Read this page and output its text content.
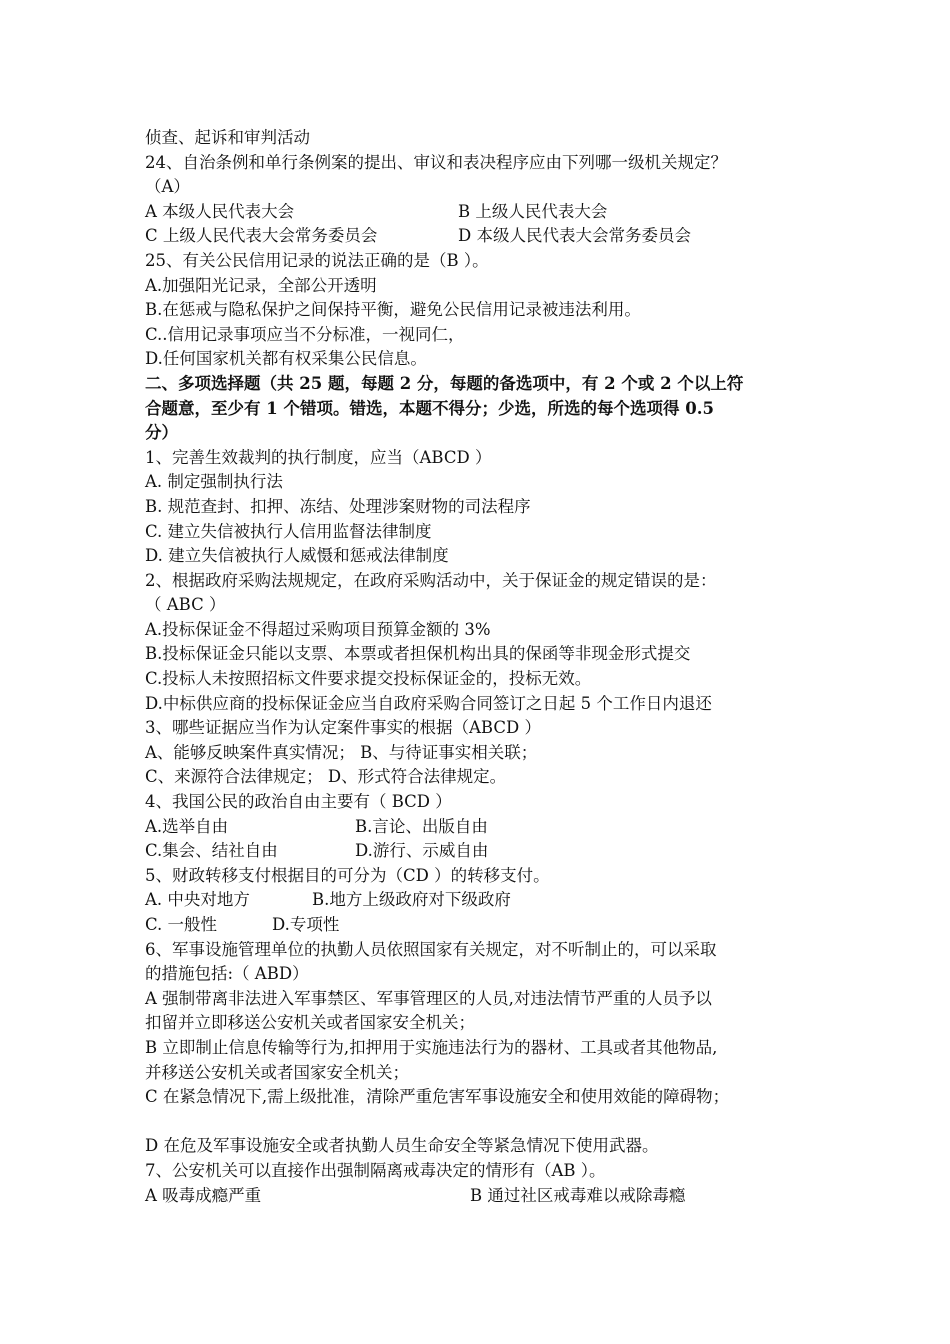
侦查、起诉和审判活动
24、自治条例和单行条例案的提出、审议和表决程序应由下列哪一级机关规定？
（A）
A 本级人民代表大会	B 上级人民代表大会
C 上级人民代表大会常务委员会	D 本级人民代表大会常务委员会
25、有关公民信用记录的说法正确的是（B ）。
A.加强阳光记录，全部公开透明
B.在惩戒与隐私保护之间保持平衡，避免公民信用记录被违法利用。
C..信用记录事项应当不分标准，一视同仁，
D.任何国家机关都有权采集公民信息。
二、多项选择题（共 25 题，每题 2 分，每题的备选项中，有 2 个或 2 个以上符
合题意，至少有 1 个错项。错选，本题不得分；少选，所选的每个选项得 0.5
分）
1、完善生效裁判的执行制度，应当（ABCD ）
A. 制定强制执行法
B. 规范查封、扣押、冻结、处理涉案财物的司法程序
C. 建立失信被执行人信用监督法律制度
D. 建立失信被执行人威慑和惩戒法律制度
2、根据政府采购法规规定，在政府采购活动中，关于保证金的规定错误的是：
（ ABC ）
A.投标保证金不得超过采购项目预算金额的 3%
B.投标保证金只能以支票、本票或者担保机构出具的保函等非现金形式提交
C.投标人未按照招标文件要求提交投标保证金的，投标无效。
D.中标供应商的投标保证金应当自政府采购合同签订之日起 5 个工作日内退还
3、哪些证据应当作为认定案件事实的根据（ABCD ）
A、能够反映案件真实情况； B、与待证事实相关联；
C、来源符合法律规定； D、形式符合法律规定。
4、我国公民的政治自由主要有（ BCD ）
A.选举自由	B.言论、出版自由
C.集会、结社自由	D.游行、示威自由
5、财政转移支付根据目的可分为（CD ）的转移支付。
A. 中央对地方	B.地方上级政府对下级政府
C. 一般性	D.专项性
6、军事设施管理单位的执勤人员依照国家有关规定，对不听制止的，可以采取
的措施包括:（ ABD）
A 强制带离非法进入军事禁区、军事管理区的人员,对违法情节严重的人员予以
扣留并立即移送公安机关或者国家安全机关；
B 立即制止信息传输等行为,扣押用于实施违法行为的器材、工具或者其他物品,
并移送公安机关或者国家安全机关；
C 在紧急情况下,需上级批准，清除严重危害军事设施安全和使用效能的障碍物；
D 在危及军事设施安全或者执勤人员生命安全等紧急情况下使用武器。
7、公安机关可以直接作出强制隔离戒毒决定的情形有（AB ）。
A 吸毒成瘾严重	B 通过社区戒毒难以戒除毒瘾
